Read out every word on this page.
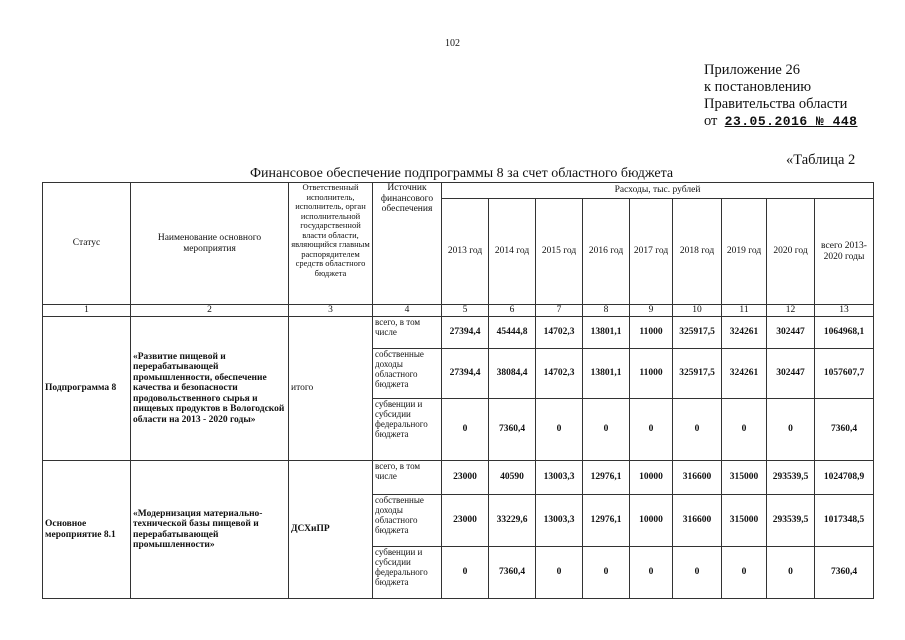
102
Приложение 26
к постановлению
Правительства области
от 23.05.2016 № 448
«Таблица 2
Финансовое обеспечение подпрограммы 8 за счет областного бюджета
Статус	Наименование основного мероприятия	Ответственный исполнитель, исполнитель, орган исполнительной государственной власти области, являющийся главным распорядителем средств областного бюджета	Источник финансового обеспечения	Расходы, тыс. рублей								
				2013 год	2014 год	2015 год	2016 год	2017 год	2018 год	2019 год	2020 год	всего 2013-2020 годы
1	2	3	4	5	6	7	8	9	10	11	12	13
Подпрограмма 8	«Развитие пищевой и перерабатывающей промышленности, обеспечение качества и безопасности продовольственного сырья и пищевых продуктов в Вологодской области на 2013 - 2020 годы»	итого	всего, в том числе	27394,4	45444,8	14702,3	13801,1	11000	325917,5	324261	302447	1064968,1
			собственные доходы областного бюджета	27394,4	38084,4	14702,3	13801,1	11000	325917,5	324261	302447	1057607,7
			субвенции и субсидии федерального бюджета	0	7360,4	0	0	0	0	0	0	7360,4
Основное мероприятие 8.1	«Модернизация материально-технической базы пищевой и перерабатывающей промышленности»	ДСХиПР	всего, в том числе	23000	40590	13003,3	12976,1	10000	316600	315000	293539,5	1024708,9
			собственные доходы областного бюджета	23000	33229,6	13003,3	12976,1	10000	316600	315000	293539,5	1017348,5
			субвенции и субсидии федерального бюджета	0	7360,4	0	0	0	0	0	0	7360,4
